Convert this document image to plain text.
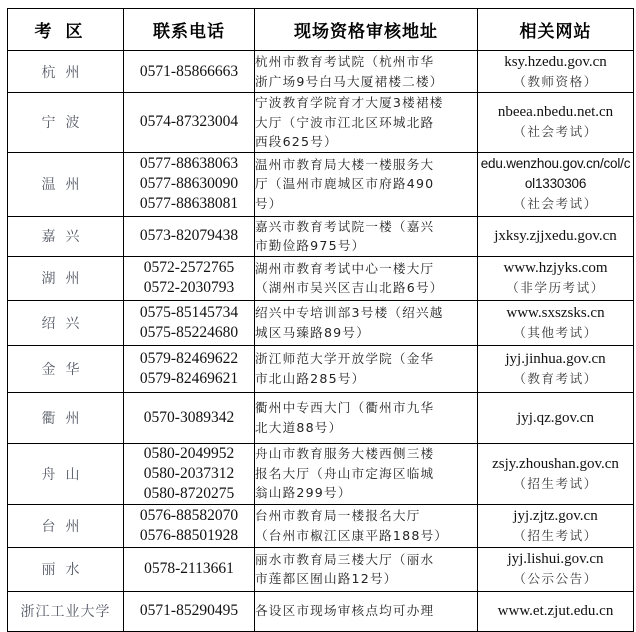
考区	联系电话	现场资格审核地址	相关网站
杭州	0571-85866663	杭州市教育考试院（杭州市华
浙广场9号白马大厦裙楼二楼）	ksy.hzedu.gov.cn
（教师资格）

宁波	0574-87323004	宁波教育学院育才大厦3楼裙楼
大厅（宁波市江北区环城北路
西段625号）	nbeea.nbedu.net.cn
（社会考试）

温州	0577-88638063
0577-88630090
0577-88638081	温州市教育局大楼一楼服务大
厅（温州市鹿城区市府路490
号）	edu.wenzhou.gov.cn/col/c
ol1330306
（社会考试）

嘉兴	0573-82079438	嘉兴市教育考试院一楼（嘉兴
市勤俭路975号）	jxksy.zjjxedu.gov.cn

湖州	0572-2572765
0572-2030793	湖州市教育考试中心一楼大厅
（湖州市吴兴区吉山北路6号）	www.hzjyks.com
（非学历考试）

绍兴	0575-85145734
0575-85224680	绍兴中专培训部3号楼（绍兴越
城区马臻路89号）	www.sxszsks.cn
（其他考试）

金华	0579-82469622
0579-82469621	浙江师范大学开放学院（金华
市北山路285号）	jyj.jinhua.gov.cn
（教育考试）

衢州	0570-3089342	衢州中专西大门（衢州市九华
北大道88号）	jyj.qz.gov.cn

舟山	0580-2049952
0580-2037312
0580-8720275	舟山市教育服务大楼西侧三楼
报名大厅（舟山市定海区临城
翁山路299号）	zsjy.zhoushan.gov.cn
（招生考试）

台州	0576-88582070
0576-88501928	台州市教育局一楼报名大厅
（台州市椒江区康平路188号）	jyj.zjtz.gov.cn
（招生考试）

丽水	0578-2113661	丽水市教育局三楼大厅（丽水
市莲都区囿山路12号）	jyj.lishui.gov.cn
（公示公告）

浙江工业大学	0571-85290495	各设区市现场审核点均可办理	www.et.zjut.edu.cn
